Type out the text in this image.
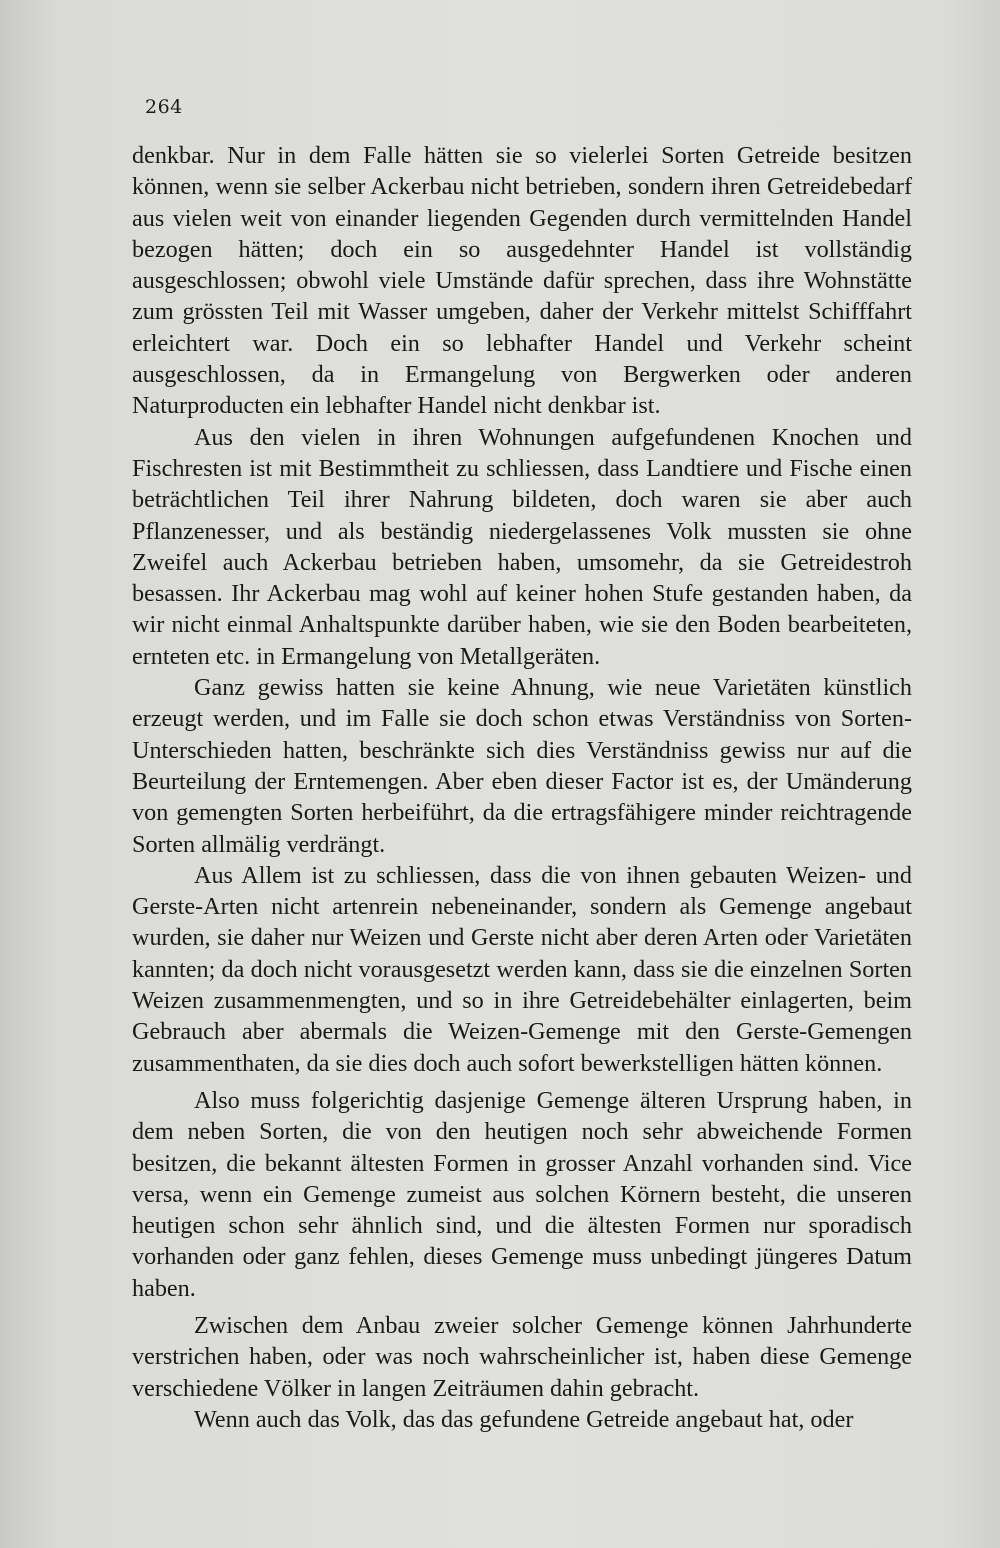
264

denkbar. Nur in dem Falle hätten sie so vielerlei Sorten Getreide besitzen können, wenn sie selber Ackerbau nicht betrieben, sondern ihren Getreidebedarf aus vielen weit von einander liegenden Gegenden durch vermittelnden Handel bezogen hätten; doch ein so ausgedehnter Handel ist vollständig ausgeschlossen; obwohl viele Umstände dafür sprechen, dass ihre Wohnstätte zum grössten Teil mit Wasser umgeben, daher der Verkehr mittelst Schifffahrt erleichtert war. Doch ein so lebhafter Handel und Verkehr scheint ausgeschlossen, da in Ermangelung von Bergwerken oder anderen Naturproducten ein lebhafter Handel nicht denkbar ist.

Aus den vielen in ihren Wohnungen aufgefundenen Knochen und Fischresten ist mit Bestimmtheit zu schliessen, dass Landtiere und Fische einen beträchtlichen Teil ihrer Nahrung bildeten, doch waren sie aber auch Pflanzenesser, und als beständig niedergelassenes Volk mussten sie ohne Zweifel auch Ackerbau betrieben haben, umsomehr, da sie Getreidestroh besassen. Ihr Ackerbau mag wohl auf keiner hohen Stufe gestanden haben, da wir nicht einmal Anhaltspunkte darüber haben, wie sie den Boden bearbeiteten, ernteten etc. in Ermangelung von Metallgeräten.

Ganz gewiss hatten sie keine Ahnung, wie neue Varietäten künstlich erzeugt werden, und im Falle sie doch schon etwas Verständniss von Sorten-Unterschieden hatten, beschränkte sich dies Verständniss gewiss nur auf die Beurteilung der Erntemengen. Aber eben dieser Factor ist es, der Umänderung von gemengten Sorten herbeiführt, da die ertragsfähigere minder reichtragende Sorten allmälig verdrängt.

Aus Allem ist zu schliessen, dass die von ihnen gebauten Weizen- und Gerste-Arten nicht artenrein nebeneinander, sondern als Gemenge angebaut wurden, sie daher nur Weizen und Gerste nicht aber deren Arten oder Varietäten kannten; da doch nicht vorausgesetzt werden kann, dass sie die einzelnen Sorten Weizen zusammenmengten, und so in ihre Getreidebehälter einlagerten, beim Gebrauch aber abermals die Weizen-Gemenge mit den Gerste-Gemengen zusammenthaten, da sie dies doch auch sofort bewerkstelligen hätten können.

Also muss folgerichtig dasjenige Gemenge älteren Ursprung haben, in dem neben Sorten, die von den heutigen noch sehr abweichende Formen besitzen, die bekannt ältesten Formen in grosser Anzahl vorhanden sind. Vice versa, wenn ein Gemenge zumeist aus solchen Körnern besteht, die unseren heutigen schon sehr ähnlich sind, und die ältesten Formen nur sporadisch vorhanden oder ganz fehlen, dieses Gemenge muss unbedingt jüngeres Datum haben.

Zwischen dem Anbau zweier solcher Gemenge können Jahrhunderte verstrichen haben, oder was noch wahrscheinlicher ist, haben diese Gemenge verschiedene Völker in langen Zeiträumen dahin gebracht.

Wenn auch das Volk, das das gefundene Getreide angebaut hat, oder
